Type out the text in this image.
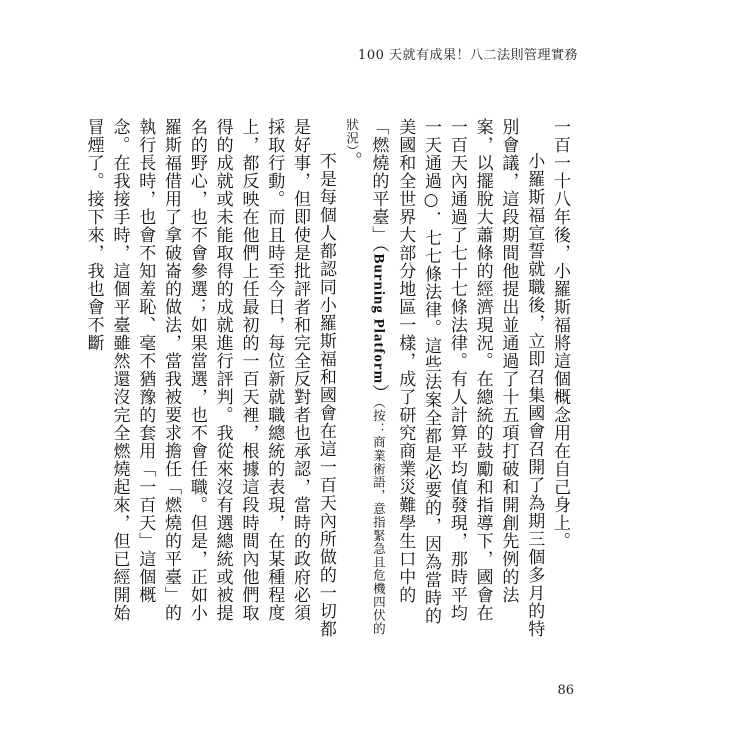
100 天就有成果！八二法則管理實務

一百一十八年後，小羅斯福將這個概念用在自己身上。

小羅斯福宣誓就職後，立即召集國會召開了為期三個多月的特別會議，這段期間他提出並通過了十五項打破和開創先例的法案，以擺脫大蕭條的經濟現況。在總統的鼓勵和指導下，國會在一百天內通過了七十七條法律。有人計算平均值發現，那時平均一天通過○．七七條法律。這些法案全都是必要的，因為當時的美國和全世界大部分地區一樣，成了研究商業災難學生口中的「燃燒的平臺」（Burning Platform）（按：商業術語，意指緊急且危機四伏的狀況）。

不是每個人都認同小羅斯福和國會在這一百天內所做的一切都是好事，但即使是批評者和完全反對者也承認，當時的政府必須採取行動。而且時至今日，每位新就職總統的表現，在某種程度上，都反映在他們上任最初的一百天裡，根據這段時間內他們取得的成就或未能取得的成就進行評判。我從來沒有選總統或被提名的野心，也不會參選；如果當選，也不會任職。但是，正如小羅斯福借用了拿破崙的做法，當我被要求擔任「燃燒的平臺」的執行長時，也會不知羞恥、毫不猶豫的套用「一百天」這個概念。在我接手時，這個平臺雖然還沒完全燃燒起來，但已經開始冒煙了。接下來，我也會不斷

86
